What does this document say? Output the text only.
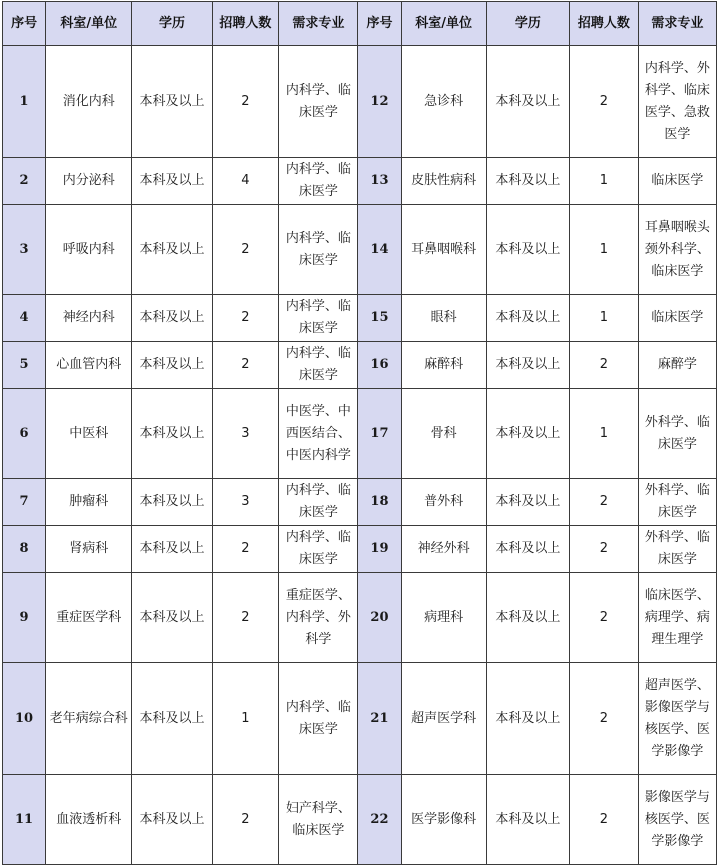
序号	科室/单位	学历	招聘人数	需求专业	序号	科室/单位	学历	招聘人数	需求专业
1	消化内科	本科及以上	2	内科学、临床医学	12	急诊科	本科及以上	2	内科学、外科学、临床医学、急救医学
2	内分泌科	本科及以上	4	内科学、临床医学	13	皮肤性病科	本科及以上	1	临床医学
3	呼吸内科	本科及以上	2	内科学、临床医学	14	耳鼻咽喉科	本科及以上	1	耳鼻咽喉头颈外科学、临床医学
4	神经内科	本科及以上	2	内科学、临床医学	15	眼科	本科及以上	1	临床医学
5	心血管内科	本科及以上	2	内科学、临床医学	16	麻醉科	本科及以上	2	麻醉学
6	中医科	本科及以上	3	中医学、中西医结合、中医内科学	17	骨科	本科及以上	1	外科学、临床医学
7	肿瘤科	本科及以上	3	内科学、临床医学	18	普外科	本科及以上	2	外科学、临床医学
8	肾病科	本科及以上	2	内科学、临床医学	19	神经外科	本科及以上	2	外科学、临床医学
9	重症医学科	本科及以上	2	重症医学、内科学、外科学	20	病理科	本科及以上	2	临床医学、病理学、病理生理学
10	老年病综合科	本科及以上	1	内科学、临床医学	21	超声医学科	本科及以上	2	超声医学、影像医学与核医学、医学影像学
11	血液透析科	本科及以上	2	妇产科学、临床医学	22	医学影像科	本科及以上	2	影像医学与核医学、医学影像学
